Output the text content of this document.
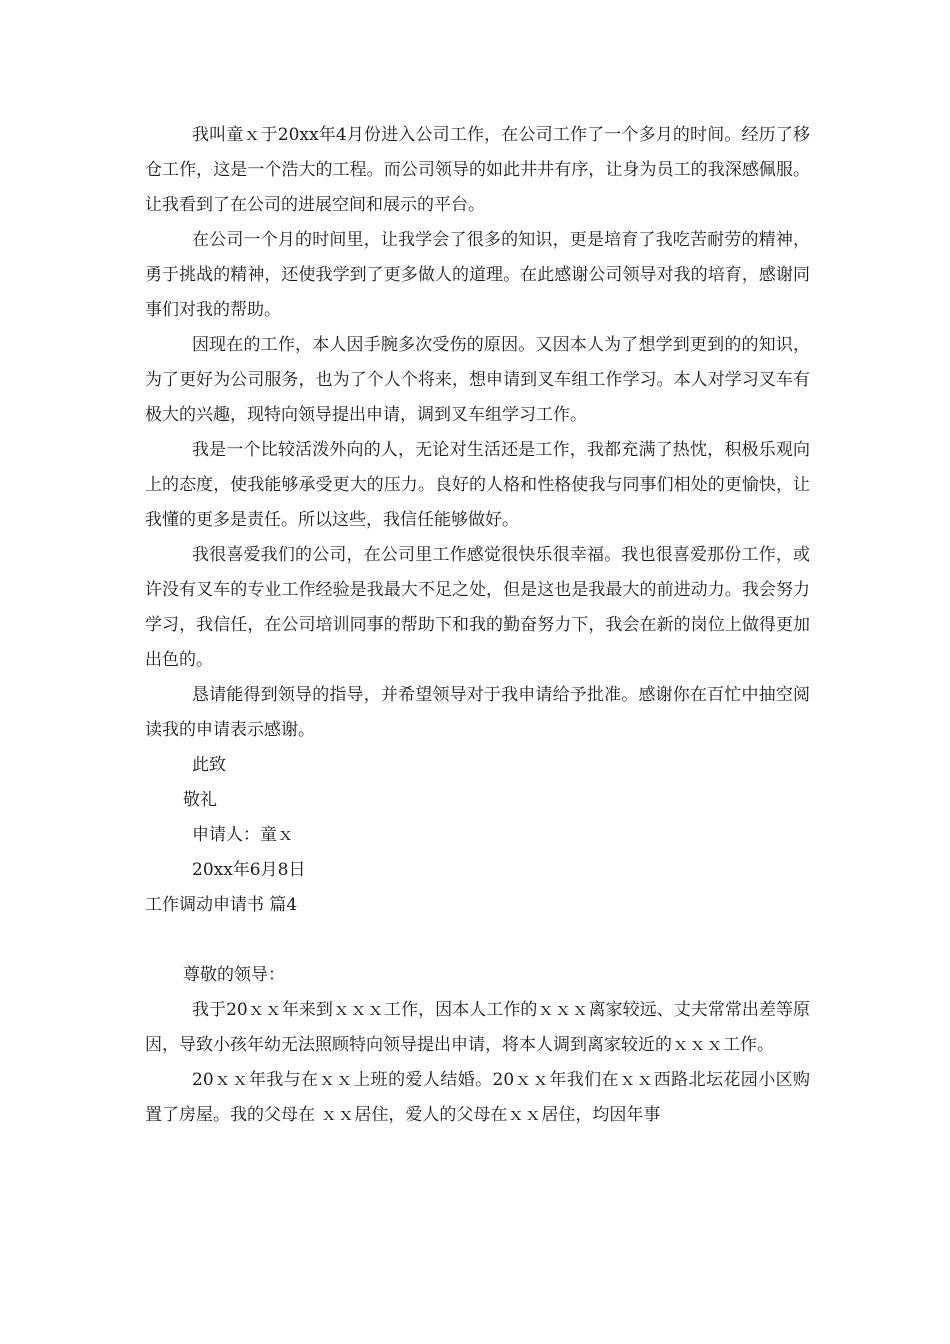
我叫童ｘ于20xx年4月份进入公司工作，在公司工作了一个多月的时间。经历了移仓工作，这是一个浩大的工程。而公司领导的如此井井有序，让身为员工的我深感佩服。让我看到了在公司的进展空间和展示的平台。

在公司一个月的时间里，让我学会了很多的知识，更是培育了我吃苦耐劳的精神，勇于挑战的精神，还使我学到了更多做人的道理。在此感谢公司领导对我的培育，感谢同事们对我的帮助。

因现在的工作，本人因手腕多次受伤的原因。又因本人为了想学到更到的的知识，为了更好为公司服务，也为了个人个将来，想申请到叉车组工作学习。本人对学习叉车有极大的兴趣，现特向领导提出申请，调到叉车组学习工作。

我是一个比较活泼外向的人，无论对生活还是工作，我都充满了热忱，积极乐观向上的态度，使我能够承受更大的压力。良好的人格和性格使我与同事们相处的更愉快，让我懂的更多是责任。所以这些，我信任能够做好。

我很喜爱我们的公司，在公司里工作感觉很快乐很幸福。我也很喜爱那份工作，或许没有叉车的专业工作经验是我最大不足之处，但是这也是我最大的前进动力。我会努力学习，我信任，在公司培训同事的帮助下和我的勤奋努力下，我会在新的岗位上做得更加出色的。

恳请能得到领导的指导，并希望领导对于我申请给予批准。感谢你在百忙中抽空阅读我的申请表示感谢。

此致

敬礼

申请人：童ｘ

20xx年6月8日

工作调动申请书 篇4

尊敬的领导：

我于20ｘｘ年来到ｘｘｘ工作，因本人工作的ｘｘｘ离家较远、丈夫常常出差等原因，导致小孩年幼无法照顾特向领导提出申请，将本人调到离家较近的ｘｘｘ工作。

20ｘｘ年我与在ｘｘ上班的爱人结婚。20ｘｘ年我们在ｘｘ西路北坛花园小区购置了房屋。我的父母在 ｘｘ居住，爱人的父母在ｘｘ居住，均因年事
